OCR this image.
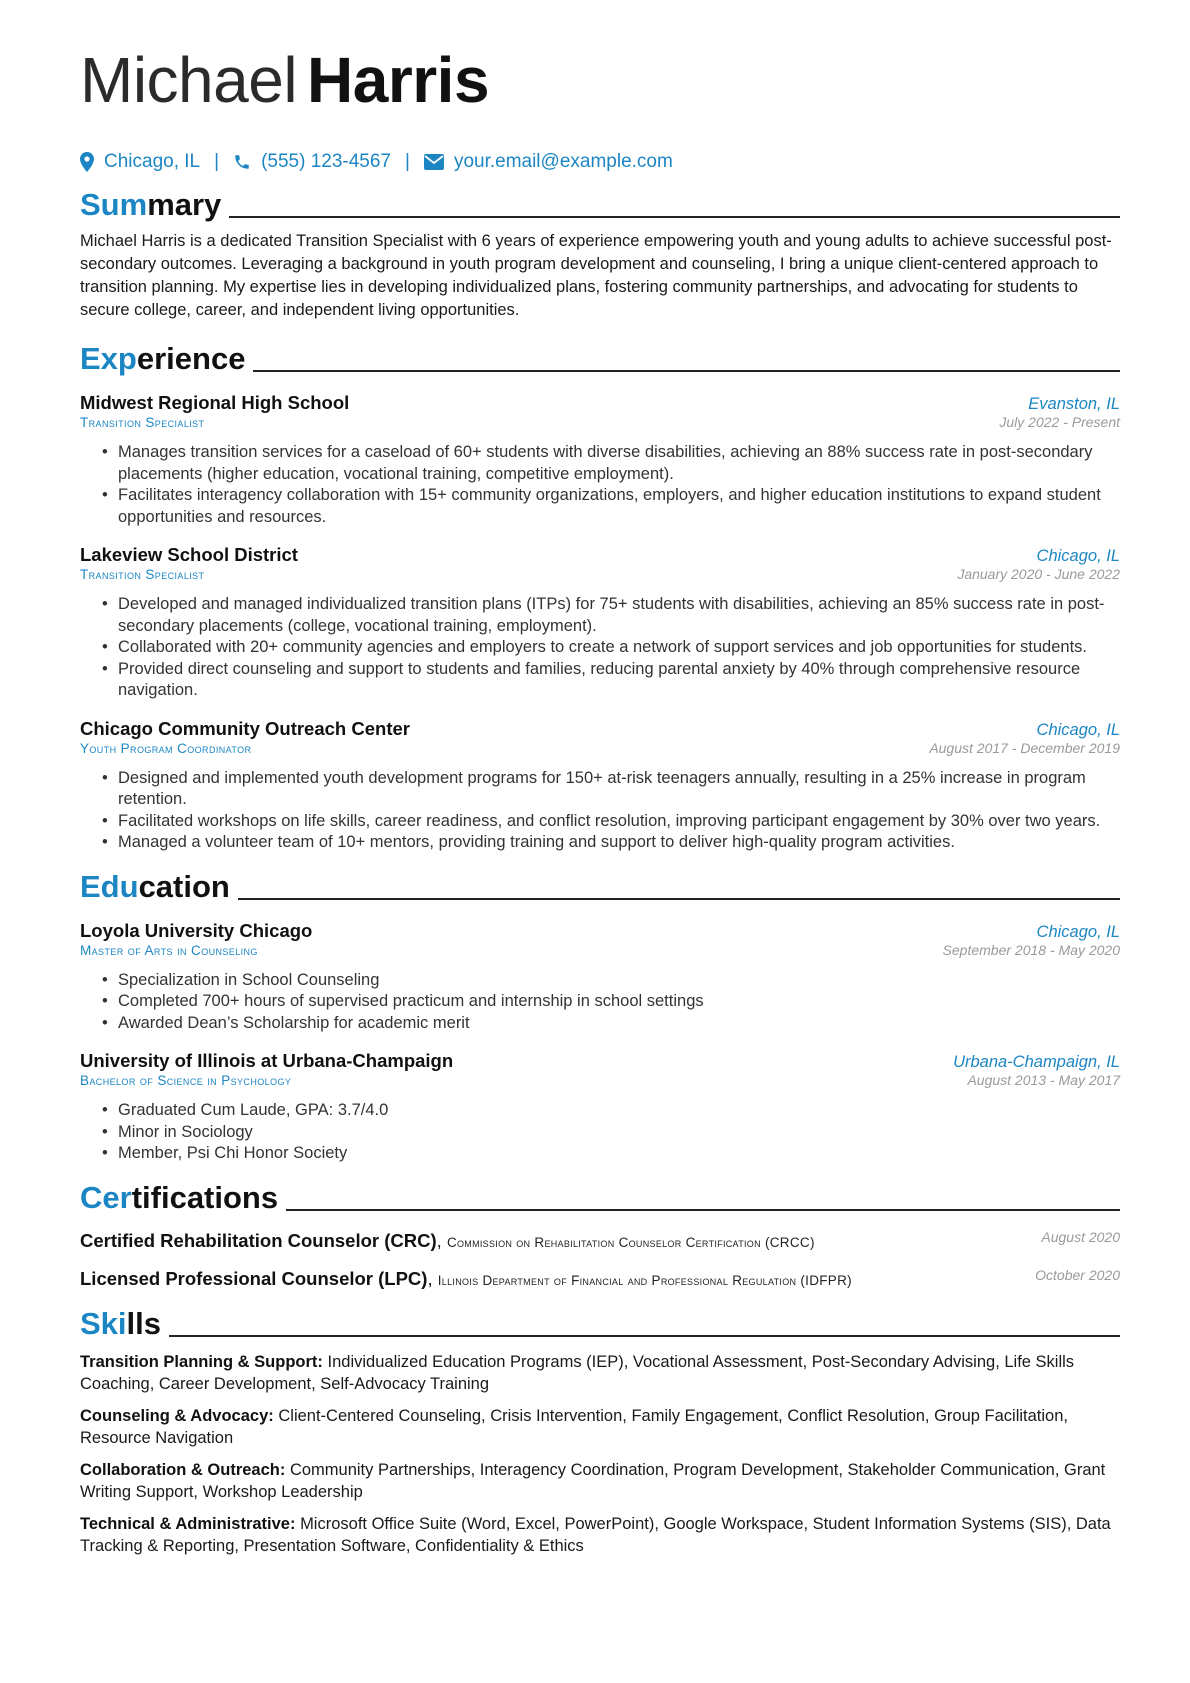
Michael Harris
Chicago, IL | (555) 123-4567 | your.email@example.com
Summary

Michael Harris is a dedicated Transition Specialist with 6 years of experience empowering youth and young adults to achieve successful post-secondary outcomes. Leveraging a background in youth program development and counseling, I bring a unique client-centered approach to transition planning. My expertise lies in developing individualized plans, fostering community partnerships, and advocating for students to secure college, career, and independent living opportunities.

Experience
Midwest Regional High School	Evanston, IL
Transition Specialist	July 2022 - Present
• Manages transition services for a caseload of 60+ students with diverse disabilities, achieving an 88% success rate in post-secondary placements (higher education, vocational training, competitive employment).
• Facilitates interagency collaboration with 15+ community organizations, employers, and higher education institutions to expand student opportunities and resources.
Lakeview School District	Chicago, IL
Transition Specialist	January 2020 - June 2022
• Developed and managed individualized transition plans (ITPs) for 75+ students with disabilities, achieving an 85% success rate in post-secondary placements (college, vocational training, employment).
• Collaborated with 20+ community agencies and employers to create a network of support services and job opportunities for students.
• Provided direct counseling and support to students and families, reducing parental anxiety by 40% through comprehensive resource navigation.
Chicago Community Outreach Center	Chicago, IL
Youth Program Coordinator	August 2017 - December 2019
• Designed and implemented youth development programs for 150+ at-risk teenagers annually, resulting in a 25% increase in program retention.
• Facilitated workshops on life skills, career readiness, and conflict resolution, improving participant engagement by 30% over two years.
• Managed a volunteer team of 10+ mentors, providing training and support to deliver high-quality program activities.
Education
Loyola University Chicago	Chicago, IL
Master of Arts in Counseling	September 2018 - May 2020
• Specialization in School Counseling
• Completed 700+ hours of supervised practicum and internship in school settings
• Awarded Dean’s Scholarship for academic merit
University of Illinois at Urbana-Champaign	Urbana-Champaign, IL
Bachelor of Science in Psychology	August 2013 - May 2017
• Graduated Cum Laude, GPA: 3.7/4.0
• Minor in Sociology
• Member, Psi Chi Honor Society
Certifications
Certified Rehabilitation Counselor (CRC), Commission on Rehabilitation Counselor Certification (CRCC)	August 2020
Licensed Professional Counselor (LPC), Illinois Department of Financial and Professional Regulation (IDFPR)	October 2020
Skills
Transition Planning & Support: Individualized Education Programs (IEP), Vocational Assessment, Post-Secondary Advising, Life Skills Coaching, Career Development, Self-Advocacy Training
Counseling & Advocacy: Client-Centered Counseling, Crisis Intervention, Family Engagement, Conflict Resolution, Group Facilitation, Resource Navigation
Collaboration & Outreach: Community Partnerships, Interagency Coordination, Program Development, Stakeholder Communication, Grant Writing Support, Workshop Leadership
Technical & Administrative: Microsoft Office Suite (Word, Excel, PowerPoint), Google Workspace, Student Information Systems (SIS), Data Tracking & Reporting, Presentation Software, Confidentiality & Ethics
